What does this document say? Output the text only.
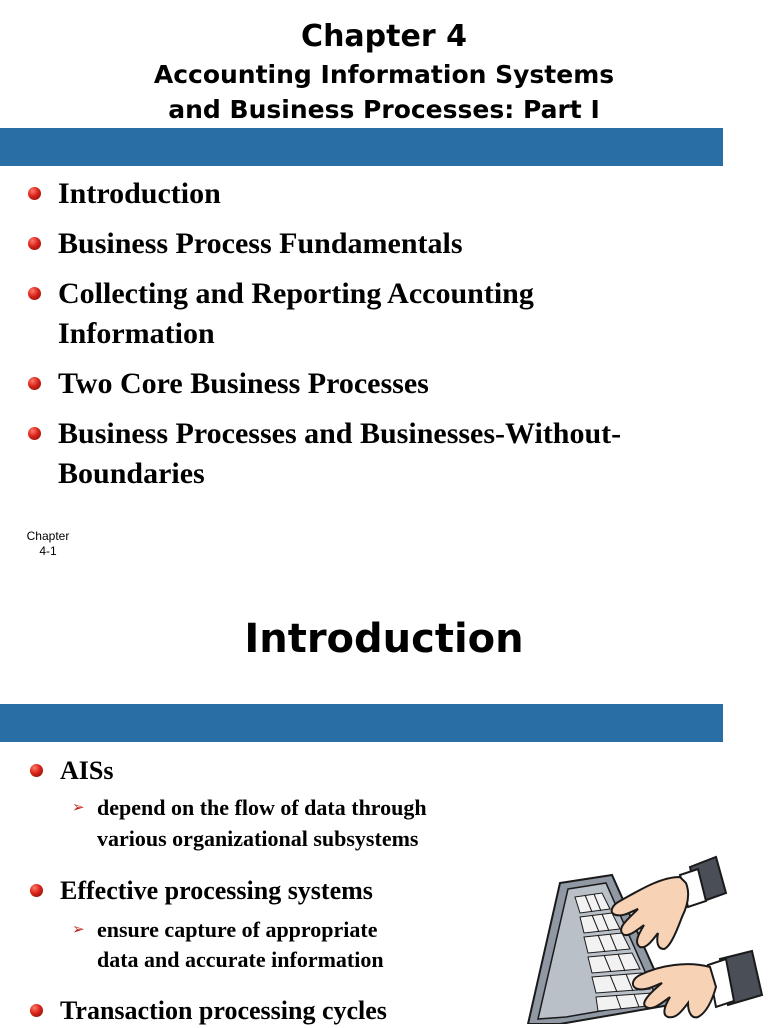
Chapter 4
Accounting Information Systems
and Business Processes: Part I
Introduction
Business Process Fundamentals
Collecting and Reporting Accounting
Information
Two Core Business Processes
Business Processes and Businesses-Without-
Boundaries
Chapter
4-1
Introduction
AISs
➢ depend on the flow of data through
various organizational subsystems
Effective processing systems
➢ ensure capture of appropriate
data and accurate information
Transaction processing cycles
